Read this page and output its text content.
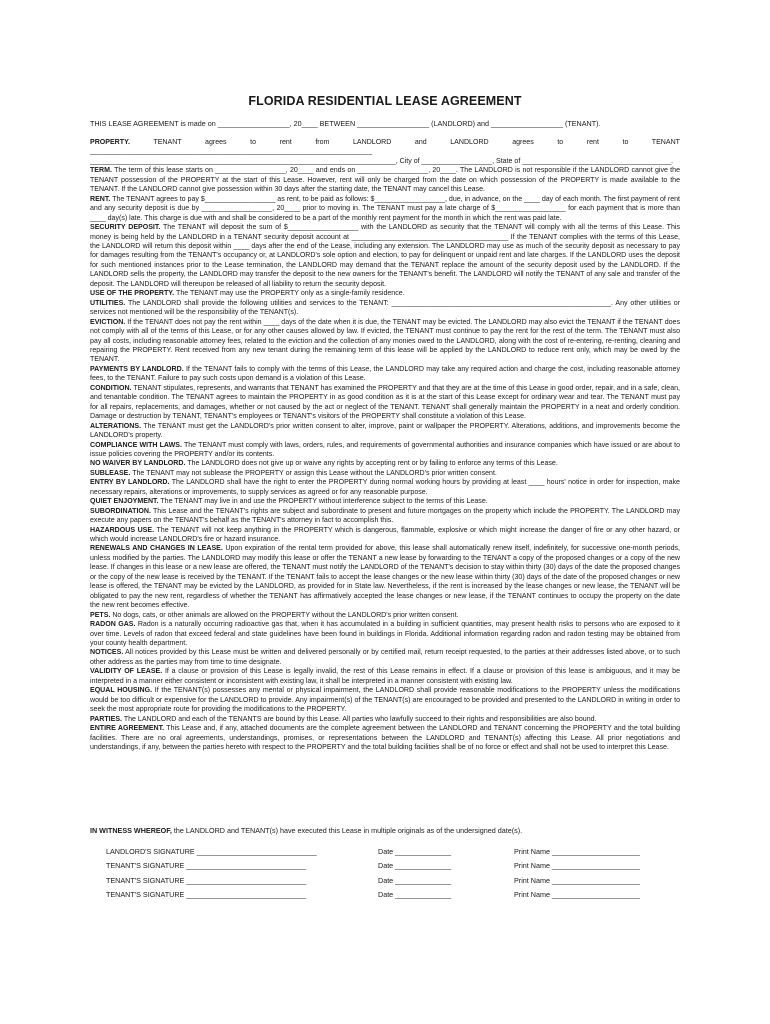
FLORIDA RESIDENTIAL LEASE AGREEMENT
THIS LEASE AGREEMENT is made on __________________, 20____ BETWEEN __________________ (LANDLORD) and __________________ (TENANT).

PROPERTY.	TENANT agrees to rent from LANDLORD and LANDLORD agrees to rent to TENANT ________________________________________________________________________ ______________________________________________________________________________, City of __________________, State of ______________________________________.

TERM. The term of this lease starts on __________________, 20____ and ends on __________________, 20____. The LANDLORD is not responsible if the LANDLORD cannot give the TENANT possession of the PROPERTY at the start of this Lease. However, rent will only be charged from the date on which possession of the PROPERTY is made available to the TENANT. If the LANDLORD cannot give possession within 30 days after the starting date, the TENANT may cancel this Lease.

RENT. The TENANT agrees to pay $__________________ as rent, to be paid as follows: $__________________, due, in advance, on the ____ day of each month. The first payment of rent and any security deposit is due by __________________, 20____ prior to moving in. The TENANT must pay a late charge of $__________________ for each payment that is more than ____ day(s) late. This charge is due with and shall be considered to be a part of the monthly rent payment for the month in which the rent was paid late.

SECURITY DEPOSIT. The TENANT will deposit the sum of $__________________ with the LANDLORD as security that the TENANT will comply with all the terms of this Lease. This money is being held by the LANDLORD in a TENANT security deposit account at ________________________________________ If the TENANT complies with the terms of this Lease, the LANDLORD will return this deposit within ____ days after the end of the Lease, including any extension. The LANDLORD may use as much of the security deposit as necessary to pay for damages resulting from the TENANT's occupancy or, at LANDLORD's sole option and election, to pay for delinquent or unpaid rent and late charges. If the LANDLORD uses the deposit for such mentioned instances prior to the Lease termination, the LANDLORD may demand that the TENANT replace the amount of the security deposit used by the LANDLORD. If the LANDLORD sells the property, the LANDLORD may transfer the deposit to the new owners for the TENANT's benefit. The LANDLORD will notify the TENANT of any sale and transfer of the deposit. The LANDLORD will thereupon be released of all liability to return the security deposit.

USE OF THE PROPERTY. The TENANT may use the PROPERTY only as a single-family residence.

UTILITIES. The LANDLORD shall provide the following utilities and services to the TENANT: ________________________________________________________. Any other utilities or services not mentioned will be the responsibility of the TENANT(s).

EVICTION. If the TENANT does not pay the rent within ____ days of the date when it is due, the TENANT may be evicted. The LANDLORD may also evict the TENANT if the TENANT does not comply with all of the terms of this Lease, or for any other causes allowed by law. If evicted, the TENANT must continue to pay the rent for the rest of the term. The TENANT must also pay all costs, including reasonable attorney fees, related to the eviction and the collection of any monies owed to the LANDLORD, along with the cost of re-entering, re-renting, cleaning and repairing the PROPERTY. Rent received from any new tenant during the remaining term of this lease will be applied by the LANDLORD to reduce rent only, which may be owed by the TENANT.

PAYMENTS BY LANDLORD. If the TENANT fails to comply with the terms of this Lease, the LANDLORD may take any required action and charge the cost, including reasonable attorney fees, to the TENANT. Failure to pay such costs upon demand is a violation of this Lease.

CONDITION. TENANT stipulates, represents, and warrants that TENANT has examined the PROPERTY and that they are at the time of this Lease in good order, repair, and in a safe, clean, and tenantable condition. The TENANT agrees to maintain the PROPERTY in as good condition as it is at the start of this Lease except for ordinary wear and tear. The TENANT must pay for all repairs, replacements, and damages, whether or not caused by the act or neglect of the TENANT. TENANT shall generally maintain the PROPERTY in a neat and orderly condition. Damage or destruction by TENANT, TENANT's employees or TENANT's visitors of the PROPERTY shall constitute a violation of this Lease.

ALTERATIONS. The TENANT must get the LANDLORD's prior written consent to alter, improve, paint or wallpaper the PROPERTY. Alterations, additions, and improvements become the LANDLORD's property.

COMPLIANCE WITH LAWS. The TENANT must comply with laws, orders, rules, and requirements of governmental authorities and insurance companies which have issued or are about to issue policies covering the PROPERTY and/or its contents.

NO WAIVER BY LANDLORD. The LANDLORD does not give up or waive any rights by accepting rent or by failing to enforce any terms of this Lease.

SUBLEASE. The TENANT may not sublease the PROPERTY or assign this Lease without the LANDLORD's prior written consent.

ENTRY BY LANDLORD. The LANDLORD shall have the right to enter the PROPERTY during normal working hours by providing at least ____ hours' notice in order for inspection, make necessary repairs, alterations or improvements, to supply services as agreed or for any reasonable purpose.

QUIET ENJOYMENT. The TENANT may live in and use the PROPERTY without interference subject to the terms of this Lease.

SUBORDINATION. This Lease and the TENANT's rights are subject and subordinate to present and future mortgages on the property which include the PROPERTY. The LANDLORD may execute any papers on the TENANT's behalf as the TENANT's attorney in fact to accomplish this.

HAZARDOUS USE. The TENANT will not keep anything in the PROPERTY which is dangerous, flammable, explosive or which might increase the danger of fire or any other hazard, or which would increase LANDLORD's fire or hazard insurance.

RENEWALS AND CHANGES IN LEASE. Upon expiration of the rental term provided for above, this lease shall automatically renew itself, indefinitely, for successive one-month periods, unless modified by the parties. The LANDLORD may modify this lease or offer the TENANT a new lease by forwarding to the TENANT a copy of the proposed changes or a copy of the new lease. If changes in this lease or a new lease are offered, the TENANT must notify the LANDLORD of the TENANT's decision to stay within thirty (30) days of the date the proposed changes or the copy of the new lease is received by the TENANT. If the TENANT fails to accept the lease changes or the new lease within thirty (30) days of the date of the proposed changes or new lease is offered, the TENANT may be evicted by the LANDLORD, as provided for in State law. Nevertheless, if the rent is increased by the lease changes or new lease, the TENANT will be obligated to pay the new rent, regardless of whether the TENANT has affirmatively accepted the lease changes or new lease, if the TENANT continues to occupy the property on the date the new rent becomes effective.

PETS. No dogs, cats, or other animals are allowed on the PROPERTY without the LANDLORD's prior written consent.

RADON GAS. Radon is a naturally occurring radioactive gas that, when it has accumulated in a building in sufficient quantities, may present health risks to persons who are exposed to it over time. Levels of radon that exceed federal and state guidelines have been found in buildings in Florida. Additional information regarding radon and radon testing may be obtained from your county health department.

NOTICES. All notices provided by this Lease must be written and delivered personally or by certified mail, return receipt requested, to the parties at their addresses listed above, or to such other address as the parties may from time to time designate.

VALIDITY OF LEASE. If a clause or provision of this Lease is legally invalid, the rest of this Lease remains in effect. If a clause or provision of this lease is ambiguous, and it may be interpreted in a manner either consistent or inconsistent with existing law, it shall be interpreted in a manner consistent with existing law.

EQUAL HOUSING. If the TENANT(s) possesses any mental or physical impairment, the LANDLORD shall provide reasonable modifications to the PROPERTY unless the modifications would be too difficult or expensive for the LANDLORD to provide. Any impairment(s) of the TENANT(s) are encouraged to be provided and presented to the LANDLORD in writing in order to seek the most appropriate route for providing the modifications to the PROPERTY.

PARTIES. The LANDLORD and each of the TENANTS are bound by this Lease. All parties who lawfully succeed to their rights and responsibilities are also bound.

ENTIRE AGREEMENT. This Lease and, if any, attached documents are the complete agreement between the LANDLORD and TENANT concerning the PROPERTY and the total building facilities. There are no oral agreements, understandings, promises, or representations between the LANDLORD and TENANT(s) affecting this Lease. All prior negotiations and understandings, if any, between the parties hereto with respect to the PROPERTY and the total building facilities shall be of no force or effect and shall not be used to interpret this Lease.

IN WITNESS WHEREOF, the LANDLORD and TENANT(s) have executed this Lease in multiple originals as of the undersigned date(s).
LANDLORD'S SIGNATURE ______________________________	Date ______________	Print Name ______________________
TENANT'S SIGNATURE ______________________________	Date ______________	Print Name ______________________
TENANT'S SIGNATURE ______________________________	Date ______________	Print Name ______________________
TENANT'S SIGNATURE ______________________________	Date ______________	Print Name ______________________
